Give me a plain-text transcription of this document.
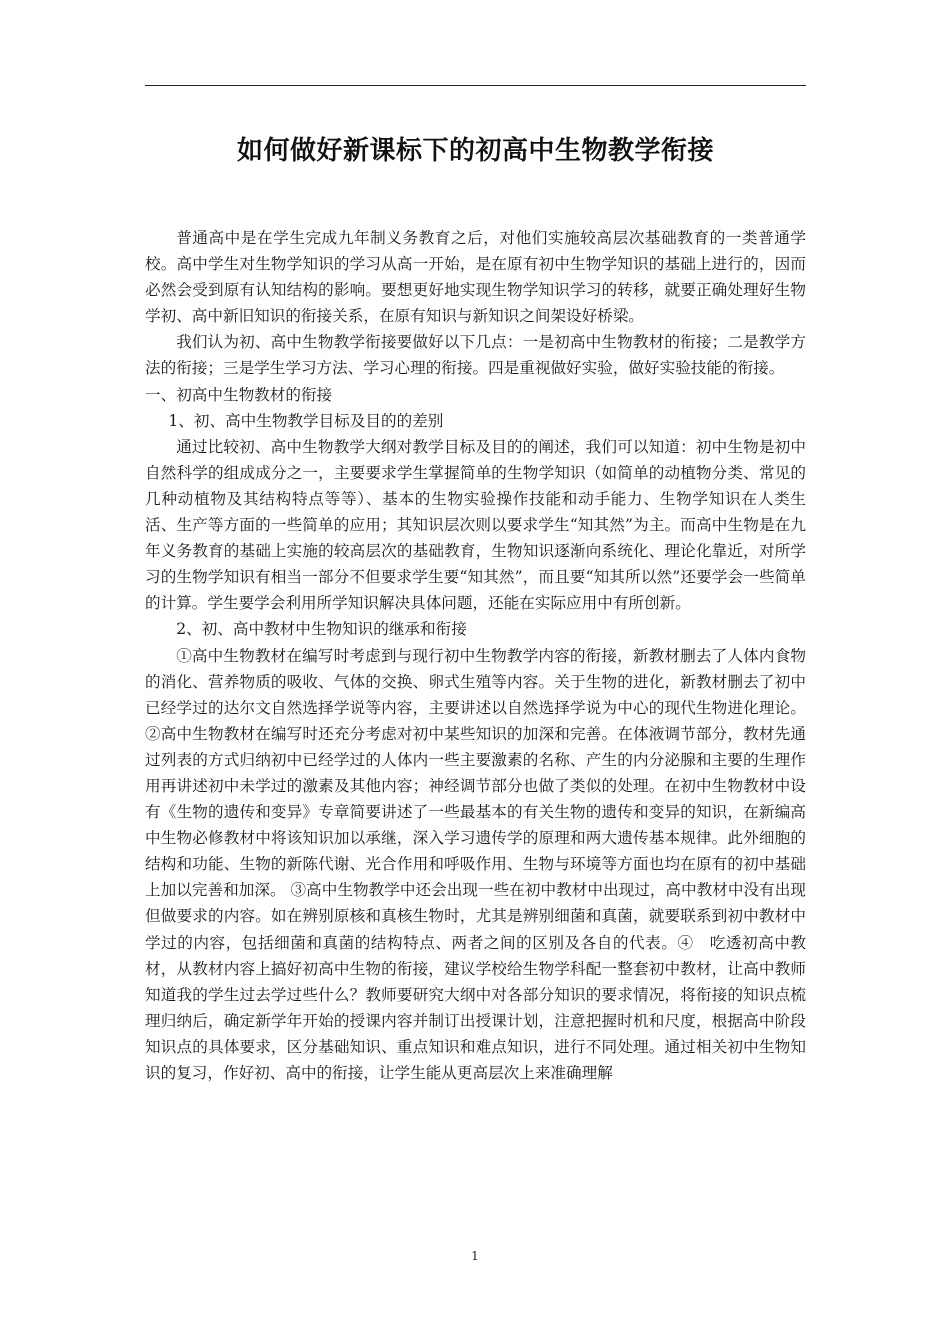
如何做好新课标下的初高中生物教学衔接

普通高中是在学生完成九年制义务教育之后，对他们实施较高层次基础教育的一类普通学校。高中学生对生物学知识的学习从高一开始，是在原有初中生物学知识的基础上进行的，因而必然会受到原有认知结构的影响。要想更好地实现生物学知识学习的转移，就要正确处理好生物学初、高中新旧知识的衔接关系，在原有知识与新知识之间架设好桥梁。

我们认为初、高中生物教学衔接要做好以下几点：一是初高中生物教材的衔接；二是教学方法的衔接；三是学生学习方法、学习心理的衔接。四是重视做好实验，做好实验技能的衔接。

一、初高中生物教材的衔接

1、初、高中生物教学目标及目的的差别

通过比较初、高中生物教学大纲对教学目标及目的的阐述，我们可以知道：初中生物是初中自然科学的组成成分之一，主要要求学生掌握简单的生物学知识（如简单的动植物分类、常见的几种动植物及其结构特点等等）、基本的生物实验操作技能和动手能力、生物学知识在人类生活、生产等方面的一些简单的应用；其知识层次则以要求学生“知其然”为主。而高中生物是在九年义务教育的基础上实施的较高层次的基础教育，生物知识逐渐向系统化、理论化靠近，对所学习的生物学知识有相当一部分不但要求学生要“知其然”，而且要“知其所以然”还要学会一些简单的计算。学生要学会利用所学知识解决具体问题，还能在实际应用中有所创新。

2、初、高中教材中生物知识的继承和衔接

①高中生物教材在编写时考虑到与现行初中生物教学内容的衔接，新教材删去了人体内食物的消化、营养物质的吸收、气体的交换、卵式生殖等内容。关于生物的进化，新教材删去了初中已经学过的达尔文自然选择学说等内容，主要讲述以自然选择学说为中心的现代生物进化理论。②高中生物教材在编写时还充分考虑对初中某些知识的加深和完善。在体液调节部分，教材先通过列表的方式归纳初中已经学过的人体内一些主要激素的名称、产生的内分泌腺和主要的生理作用再讲述初中未学过的激素及其他内容；神经调节部分也做了类似的处理。在初中生物教材中设有《生物的遗传和变异》专章简要讲述了一些最基本的有关生物的遗传和变异的知识，在新编高中生物必修教材中将该知识加以承继，深入学习遗传学的原理和两大遗传基本规律。此外细胞的结构和功能、生物的新陈代谢、光合作用和呼吸作用、生物与环境等方面也均在原有的初中基础上加以完善和加深。 ③高中生物教学中还会出现一些在初中教材中出现过，高中教材中没有出现但做要求的内容。如在辨别原核和真核生物时，尤其是辨别细菌和真菌，就要联系到初中教材中学过的内容，包括细菌和真菌的结构特点、两者之间的区别及各自的代表。④　吃透初高中教材，从教材内容上搞好初高中生物的衔接，建议学校给生物学科配一整套初中教材，让高中教师知道我的学生过去学过些什么？教师要研究大纲中对各部分知识的要求情况，将衔接的知识点梳理归纳后，确定新学年开始的授课内容并制订出授课计划，注意把握时机和尺度，根据高中阶段知识点的具体要求，区分基础知识、重点知识和难点知识，进行不同处理。通过相关初中生物知识的复习，作好初、高中的衔接，让学生能从更高层次上来准确理解

1
